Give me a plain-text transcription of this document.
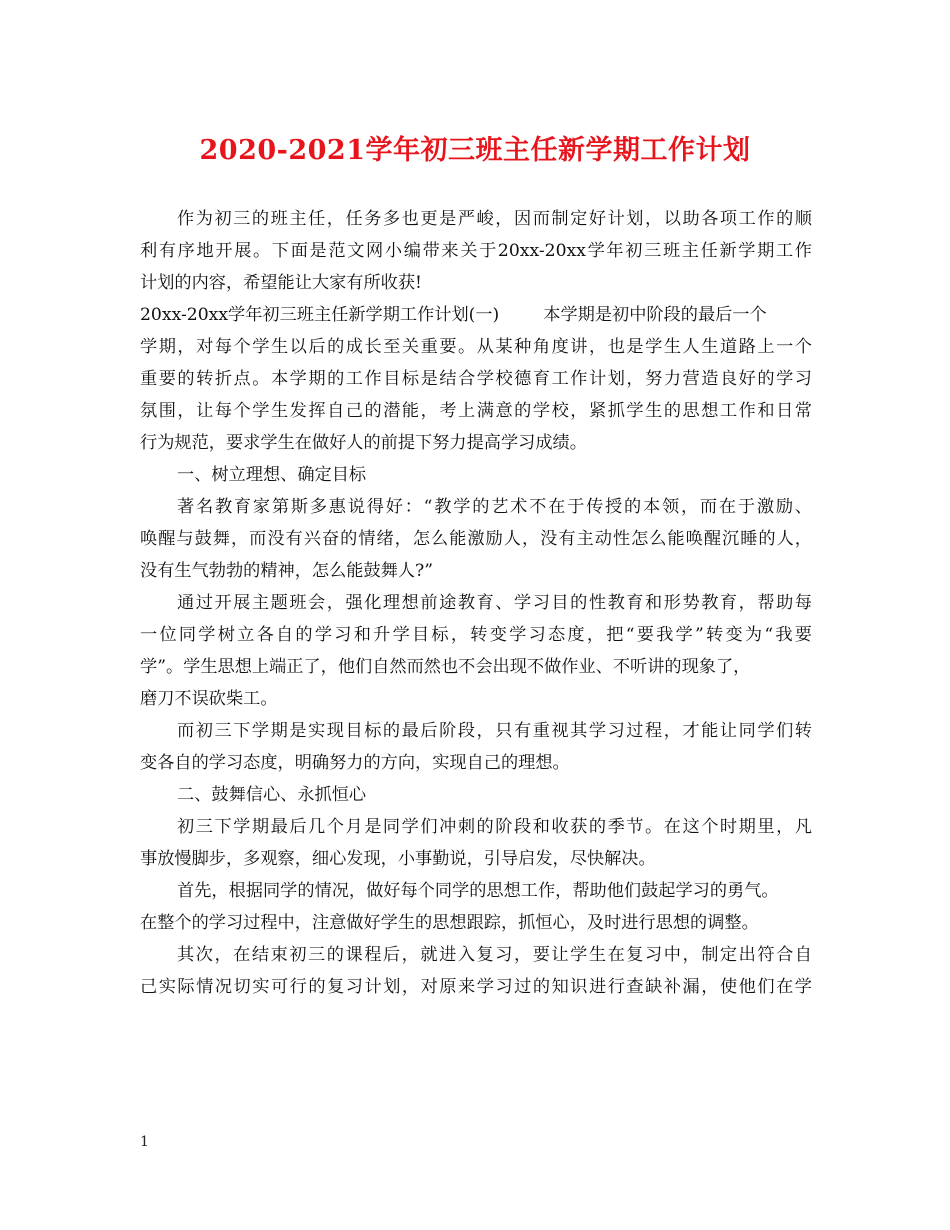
2020-2021学年初三班主任新学期工作计划
作为初三的班主任，任务多也更是严峻，因而制定好计划，以助各项工作的顺
利有序地开展。下面是范文网小编带来关于20xx-20xx学年初三班主任新学期工作
计划的内容，希望能让大家有所收获!
20xx-20xx学年初三班主任新学期工作计划(一)	本学期是初中阶段的最后一个
学期，对每个学生以后的成长至关重要。从某种角度讲，也是学生人生道路上一个
重要的转折点。本学期的工作目标是结合学校德育工作计划，努力营造良好的学习
氛围，让每个学生发挥自己的潜能，考上满意的学校，紧抓学生的思想工作和日常
行为规范，要求学生在做好人的前提下努力提高学习成绩。
一、树立理想、确定目标
著名教育家第斯多惠说得好：“教学的艺术不在于传授的本领，而在于激励、
唤醒与鼓舞，而没有兴奋的情绪，怎么能激励人，没有主动性怎么能唤醒沉睡的人，
没有生气勃勃的精神，怎么能鼓舞人?”
通过开展主题班会，强化理想前途教育、学习目的性教育和形势教育，帮助每
一位同学树立各自的学习和升学目标，转变学习态度，把“要我学”转变为“我要
学”。学生思想上端正了，他们自然而然也不会出现不做作业、不听讲的现象了，
磨刀不误砍柴工。
而初三下学期是实现目标的最后阶段，只有重视其学习过程，才能让同学们转
变各自的学习态度，明确努力的方向，实现自己的理想。
二、鼓舞信心、永抓恒心
初三下学期最后几个月是同学们冲刺的阶段和收获的季节。在这个时期里，凡
事放慢脚步，多观察，细心发现，小事勤说，引导启发，尽快解决。
首先，根据同学的情况，做好每个同学的思想工作，帮助他们鼓起学习的勇气。
在整个的学习过程中，注意做好学生的思想跟踪，抓恒心，及时进行思想的调整。
其次，在结束初三的课程后，就进入复习，要让学生在复习中，制定出符合自
己实际情况切实可行的复习计划，对原来学习过的知识进行查缺补漏，使他们在学
1
